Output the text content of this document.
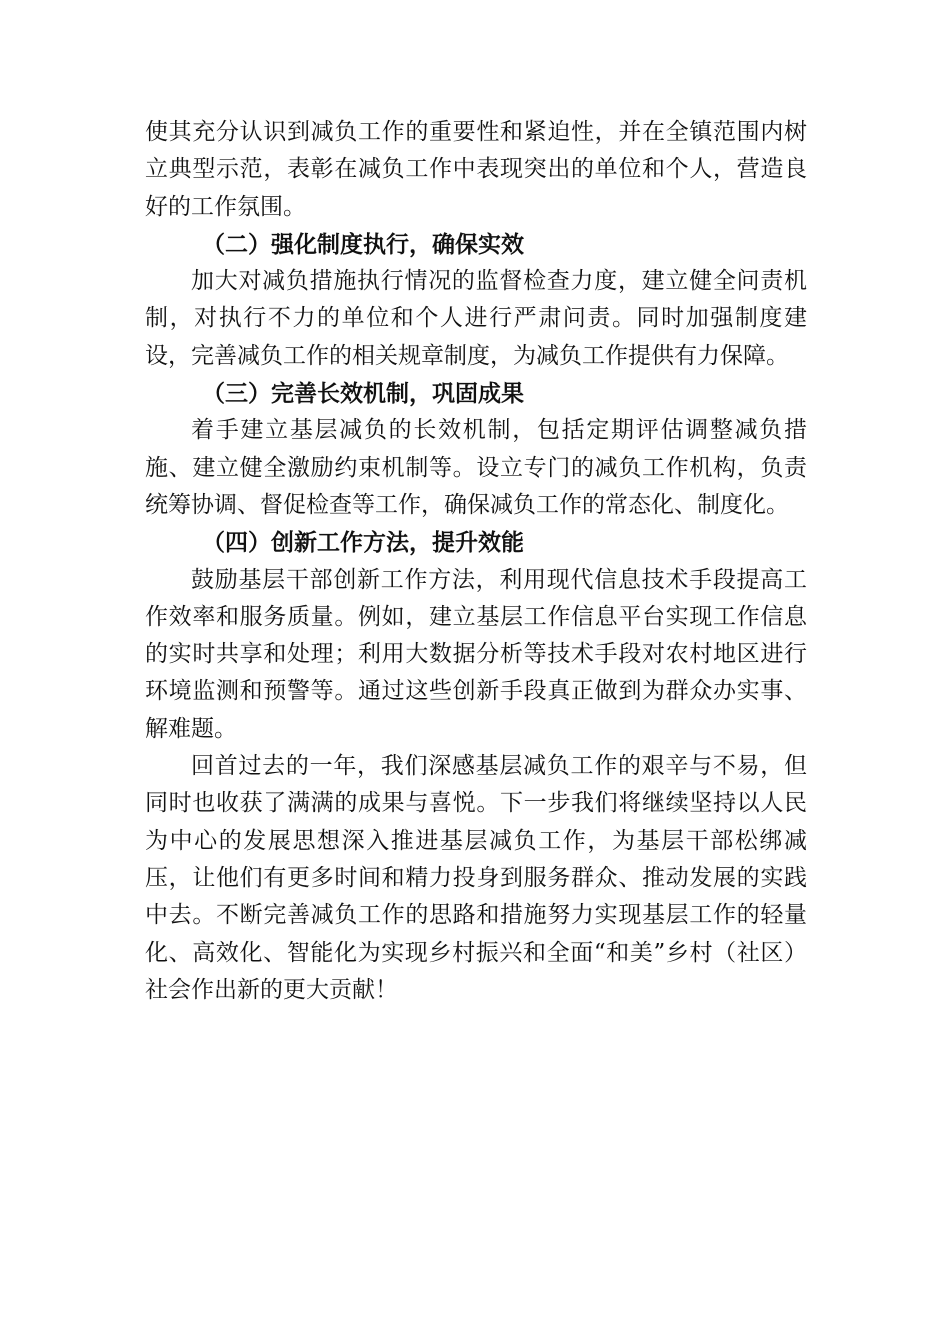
使其充分认识到减负工作的重要性和紧迫性，并在全镇范围内树立典型示范，表彰在减负工作中表现突出的单位和个人，营造良好的工作氛围。

（二）强化制度执行，确保实效

加大对减负措施执行情况的监督检查力度，建立健全问责机制，对执行不力的单位和个人进行严肃问责。同时加强制度建设，完善减负工作的相关规章制度，为减负工作提供有力保障。

（三）完善长效机制，巩固成果

着手建立基层减负的长效机制，包括定期评估调整减负措施、建立健全激励约束机制等。设立专门的减负工作机构，负责统筹协调、督促检查等工作，确保减负工作的常态化、制度化。

（四）创新工作方法，提升效能

鼓励基层干部创新工作方法，利用现代信息技术手段提高工作效率和服务质量。例如，建立基层工作信息平台实现工作信息的实时共享和处理；利用大数据分析等技术手段对农村地区进行环境监测和预警等。通过这些创新手段真正做到为群众办实事、解难题。

回首过去的一年，我们深感基层减负工作的艰辛与不易，但同时也收获了满满的成果与喜悦。下一步我们将继续坚持以人民为中心的发展思想深入推进基层减负工作，为基层干部松绑减压，让他们有更多时间和精力投身到服务群众、推动发展的实践中去。不断完善减负工作的思路和措施努力实现基层工作的轻量化、高效化、智能化为实现乡村振兴和全面“和美”乡村（社区）社会作出新的更大贡献！
